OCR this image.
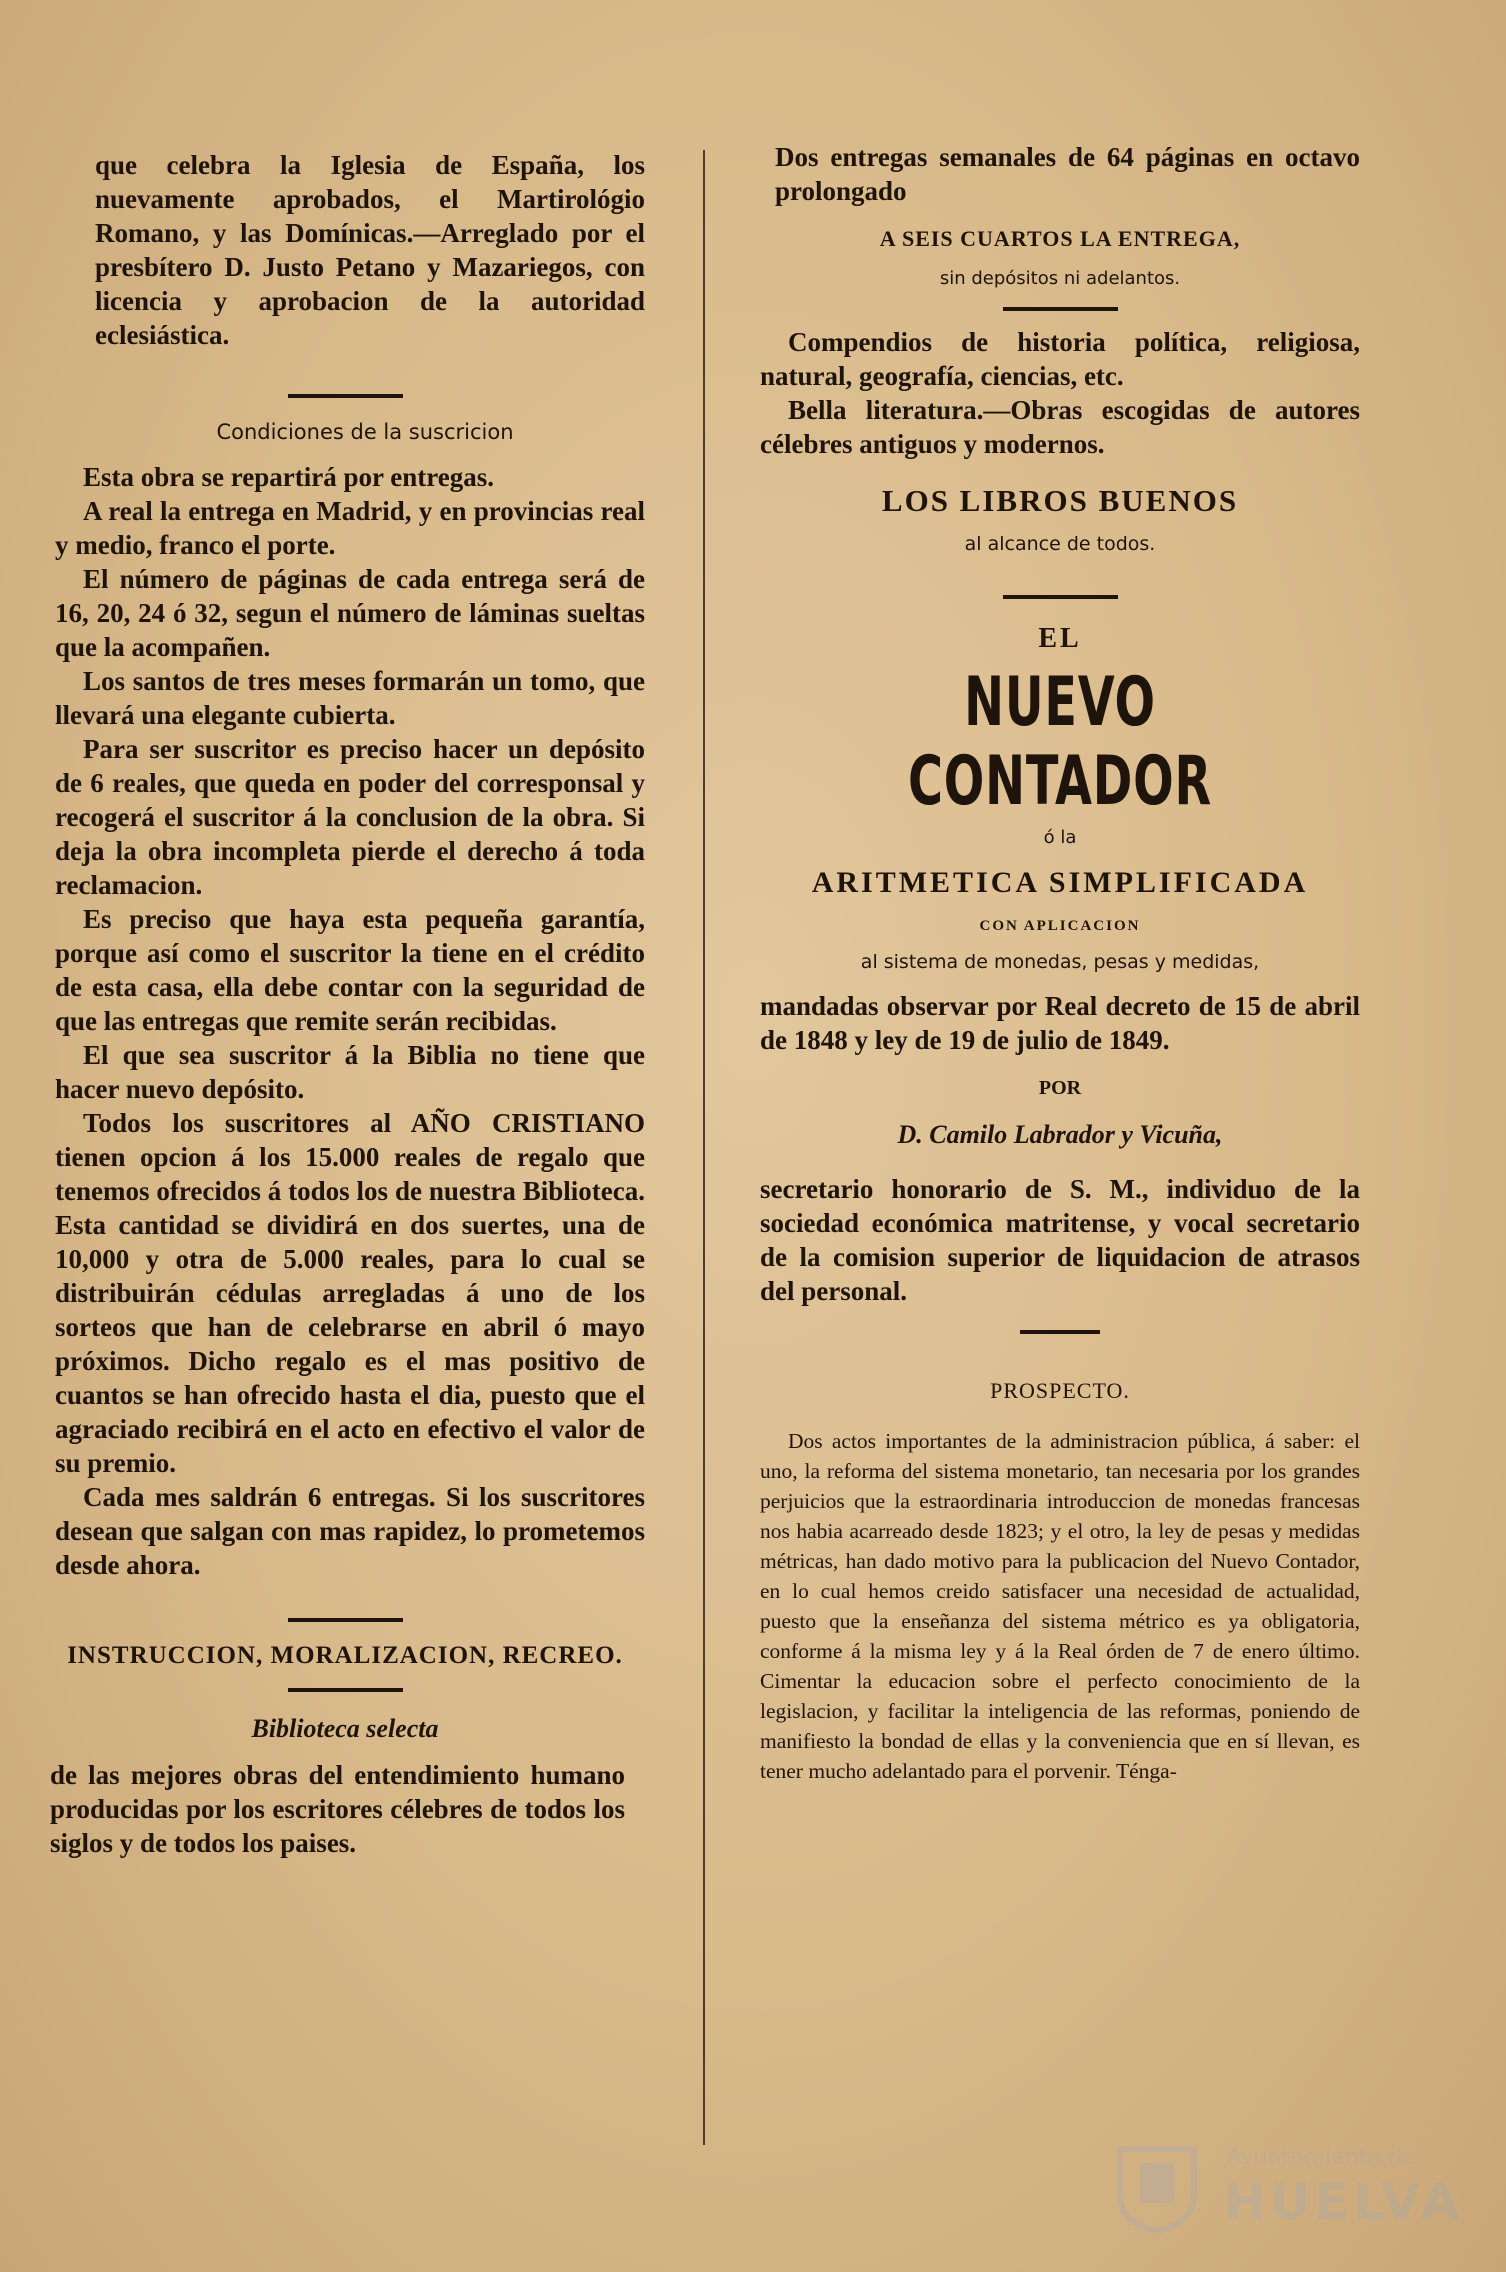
que celebra la Iglesia de España, los nuevamente aprobados, el Martirológio Romano, y las Domínicas.—Arreglado por el presbítero D. Justo Petano y Mazariegos, con licencia y aprobacion de la autoridad eclesiástica.

Condiciones de la suscricion

Esta obra se repartirá por entregas.

A real la entrega en Madrid, y en provincias real y medio, franco el porte.

El número de páginas de cada entrega será de 16, 20, 24 ó 32, segun el número de láminas sueltas que la acompañen.

Los santos de tres meses formarán un tomo, que llevará una elegante cubierta.

Para ser suscritor es preciso hacer un depósito de 6 reales, que queda en poder del corresponsal y recogerá el suscritor á la conclusion de la obra. Si deja la obra incompleta pierde el derecho á toda reclamacion.

Es preciso que haya esta pequeña garantía, porque así como el suscritor la tiene en el crédito de esta casa, ella debe contar con la seguridad de que las entregas que remite serán recibidas.

El que sea suscritor á la Biblia no tiene que hacer nuevo depósito.

Todos los suscritores al AÑO CRISTIANO tienen opcion á los 15.000 reales de regalo que tenemos ofrecidos á todos los de nuestra Biblioteca. Esta cantidad se dividirá en dos suertes, una de 10,000 y otra de 5.000 reales, para lo cual se distribuirán cédulas arregladas á uno de los sorteos que han de celebrarse en abril ó mayo próximos. Dicho regalo es el mas positivo de cuantos se han ofrecido hasta el dia, puesto que el agraciado recibirá en el acto en efectivo el valor de su premio.

Cada mes saldrán 6 entregas. Si los suscritores desean que salgan con mas rapidez, lo prometemos desde ahora.

INSTRUCCION, MORALIZACION, RECREO.

Biblioteca selecta

de las mejores obras del entendimiento humano producidas por los escritores célebres de todos los siglos y de todos los paises.

Dos entregas semanales de 64 páginas en octavo prolongado

A SEIS CUARTOS LA ENTREGA,

sin depósitos ni adelantos.

Compendios de historia política, religiosa, natural, geografía, ciencias, etc.

Bella literatura.—Obras escogidas de autores célebres antiguos y modernos.

LOS LIBROS BUENOS

al alcance de todos.

EL

NUEVO CONTADOR

ó la

ARITMETICA SIMPLIFICADA

CON APLICACION

al sistema de monedas, pesas y medidas,

mandadas observar por Real decreto de 15 de abril de 1848 y ley de 19 de julio de 1849.

POR

D. Camilo Labrador y Vicuña,

secretario honorario de S. M., individuo de la sociedad económica matritense, y vocal secretario de la comision superior de liquidacion de atrasos del personal.

PROSPECTO.

Dos actos importantes de la administracion pública, á saber: el uno, la reforma del sistema monetario, tan necesaria por los grandes perjuicios que la estraordinaria introduccion de monedas francesas nos habia acarreado desde 1823; y el otro, la ley de pesas y medidas métricas, han dado motivo para la publicacion del Nuevo Contador, en lo cual hemos creido satisfacer una necesidad de actualidad, puesto que la enseñanza del sistema métrico es ya obligatoria, conforme á la misma ley y á la Real órden de 7 de enero último. Cimentar la educacion sobre el perfecto conocimiento de la legislacion, y facilitar la inteligencia de las reformas, poniendo de manifiesto la bondad de ellas y la conveniencia que en sí llevan, es tener mucho adelantado para el porvenir. Ténga-

Ayuntamiento de
HUELVA
